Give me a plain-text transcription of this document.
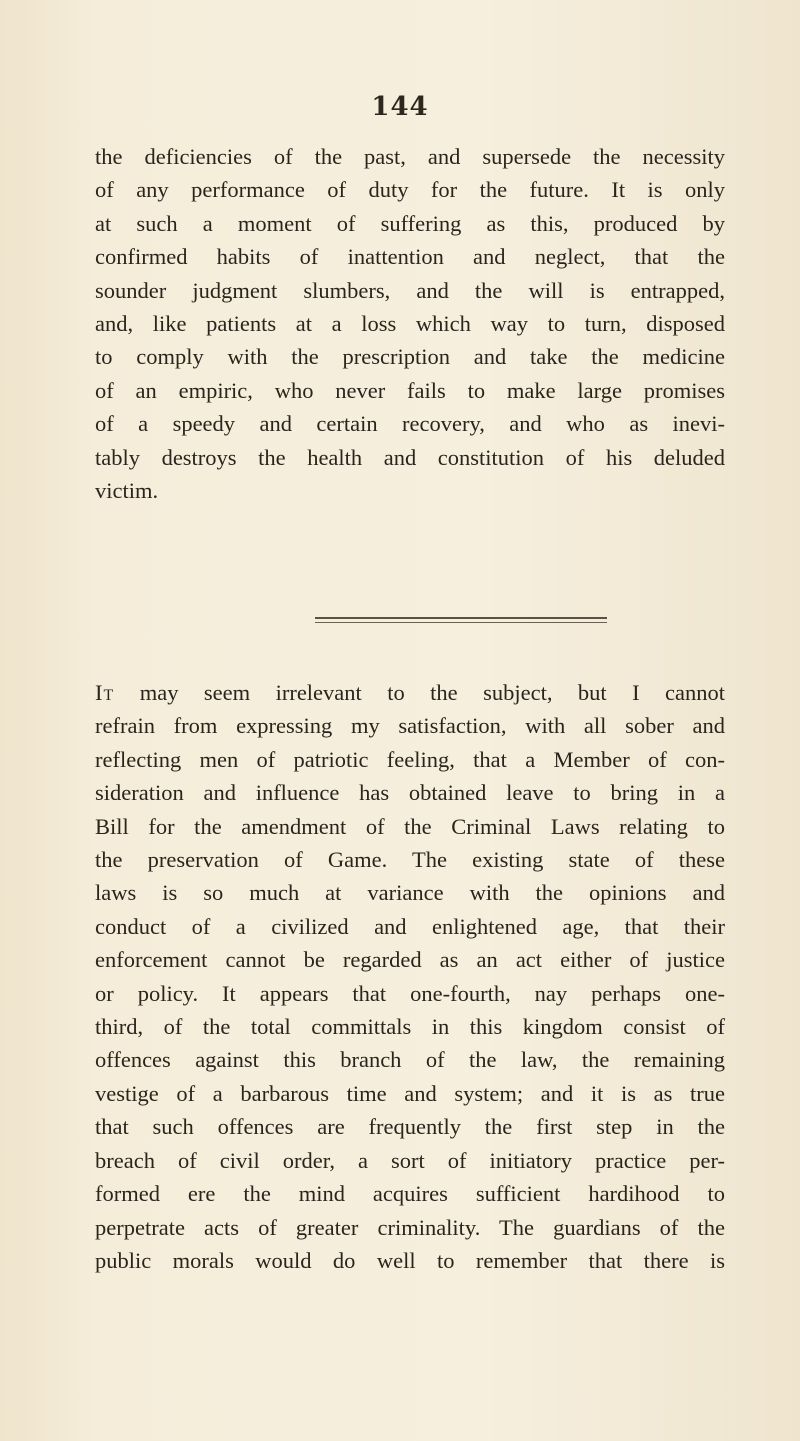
144
the deficiencies of the past, and supersede the necessity
of any performance of duty for the future. It is only
at such a moment of suffering as this, produced by
confirmed habits of inattention and neglect, that the
sounder judgment slumbers, and the will is entrapped,
and, like patients at a loss which way to turn, disposed
to comply with the prescription and take the medicine
of an empiric, who never fails to make large promises
of a speedy and certain recovery, and who as inevi-
tably destroys the health and constitution of his deluded
victim.
It may seem irrelevant to the subject, but I cannot
refrain from expressing my satisfaction, with all sober and
reflecting men of patriotic feeling, that a Member of con-
sideration and influence has obtained leave to bring in a
Bill for the amendment of the Criminal Laws relating to
the preservation of Game. The existing state of these
laws is so much at variance with the opinions and
conduct of a civilized and enlightened age, that their
enforcement cannot be regarded as an act either of justice
or policy. It appears that one-fourth, nay perhaps one-
third, of the total committals in this kingdom consist of
offences against this branch of the law, the remaining
vestige of a barbarous time and system; and it is as true
that such offences are frequently the first step in the
breach of civil order, a sort of initiatory practice per-
formed ere the mind acquires sufficient hardihood to
perpetrate acts of greater criminality. The guardians of the
public morals would do well to remember that there is
